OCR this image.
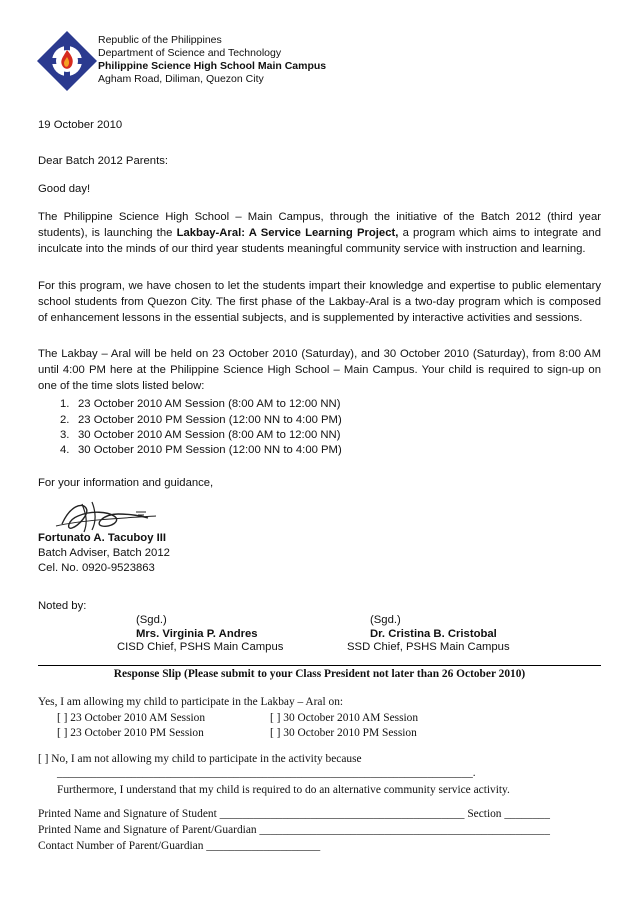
Republic of the Philippines
Department of Science and Technology
Philippine Science High School Main Campus
Agham Road, Diliman, Quezon City
19 October 2010
Dear Batch 2012 Parents:
Good day!
The Philippine Science High School – Main Campus, through the initiative of the Batch 2012 (third year students), is launching the Lakbay-Aral: A Service Learning Project, a program which aims to integrate and inculcate into the minds of our third year students meaningful community service with instruction and learning.
For this program, we have chosen to let the students impart their knowledge and expertise to public elementary school students from Quezon City. The first phase of the Lakbay-Aral is a two-day program which is composed of enhancement lessons in the essential subjects, and is supplemented by interactive activities and sessions.
The Lakbay – Aral will be held on 23 October 2010 (Saturday), and 30 October 2010 (Saturday), from 8:00 AM until 4:00 PM here at the Philippine Science High School – Main Campus. Your child is required to sign-up on one of the time slots listed below:
1. 23 October 2010 AM Session (8:00 AM to 12:00 NN)
2. 23 October 2010 PM Session (12:00 NN to 4:00 PM)
3. 30 October 2010 AM Session (8:00 AM to 12:00 NN)
4. 30 October 2010 PM Session (12:00 NN to 4:00 PM)
For your information and guidance,
Fortunato A. Tacuboy III
Batch Adviser, Batch 2012
Cel. No. 0920-9523863
Noted by:
(Sgd.)
Mrs. Virginia P. Andres
CISD Chief, PSHS Main Campus
(Sgd.)
Dr. Cristina B. Cristobal
SSD Chief, PSHS Main Campus
Response Slip (Please submit to your Class President not later than 26 October 2010)
Yes, I am allowing my child to participate in the Lakbay – Aral on:
[ ] 23 October 2010 AM Session	[ ] 30 October 2010 AM Session
[ ] 23 October 2010 PM Session	[ ] 30 October 2010 PM Session
[ ] No, I am not allowing my child to participate in the activity because
_________________________________________________________________________.
Furthermore, I understand that my child is required to do an alternative community service activity.
Printed Name and Signature of Student ___________________________________________ Section ________
Printed Name and Signature of Parent/Guardian ___________________________________________________
Contact Number of Parent/Guardian ____________________
